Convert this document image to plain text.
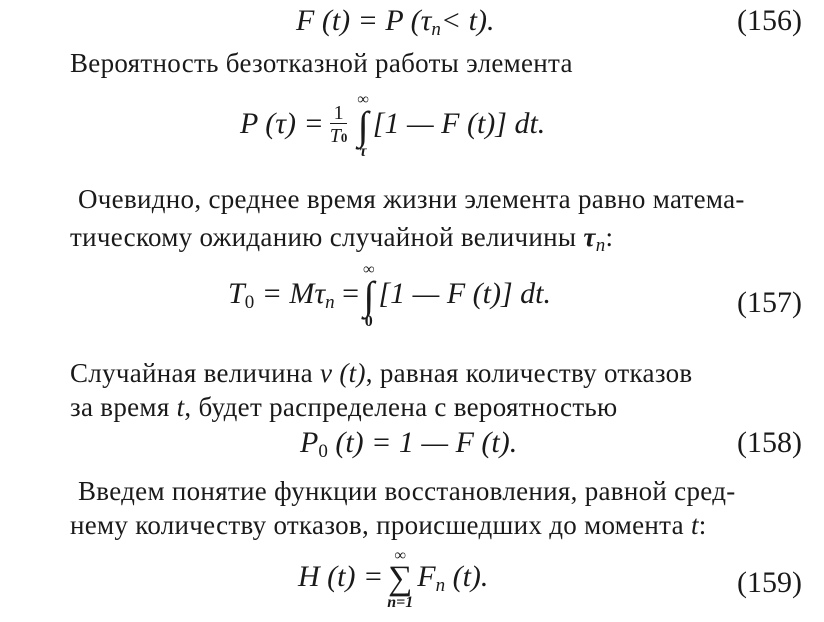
F (t) = P (τn< t).	(156)
Вероятность безотказной работы элемента
P $(\tau) = \frac{1}{T0}$
∞
∫
τ
[1 — F (t)] dt.
Очевидно, среднее время жизни элемента равно матема-
тическому ожиданию случайной величины τn:
T0 = Mτn =
∞
∫
0
[1 — F (t)] dt.	(157)
Случайная величина ν (t), равная количеству отказов
за время t, будет распределена с вероятностью
P0 (t) = 1 — F (t).	(158)
Введем понятие функции восстановления, равной сред-
нему количеству отказов, происшедших до момента t:
H (t) =
∞
∑
n=1
Fn (t).	(159)
